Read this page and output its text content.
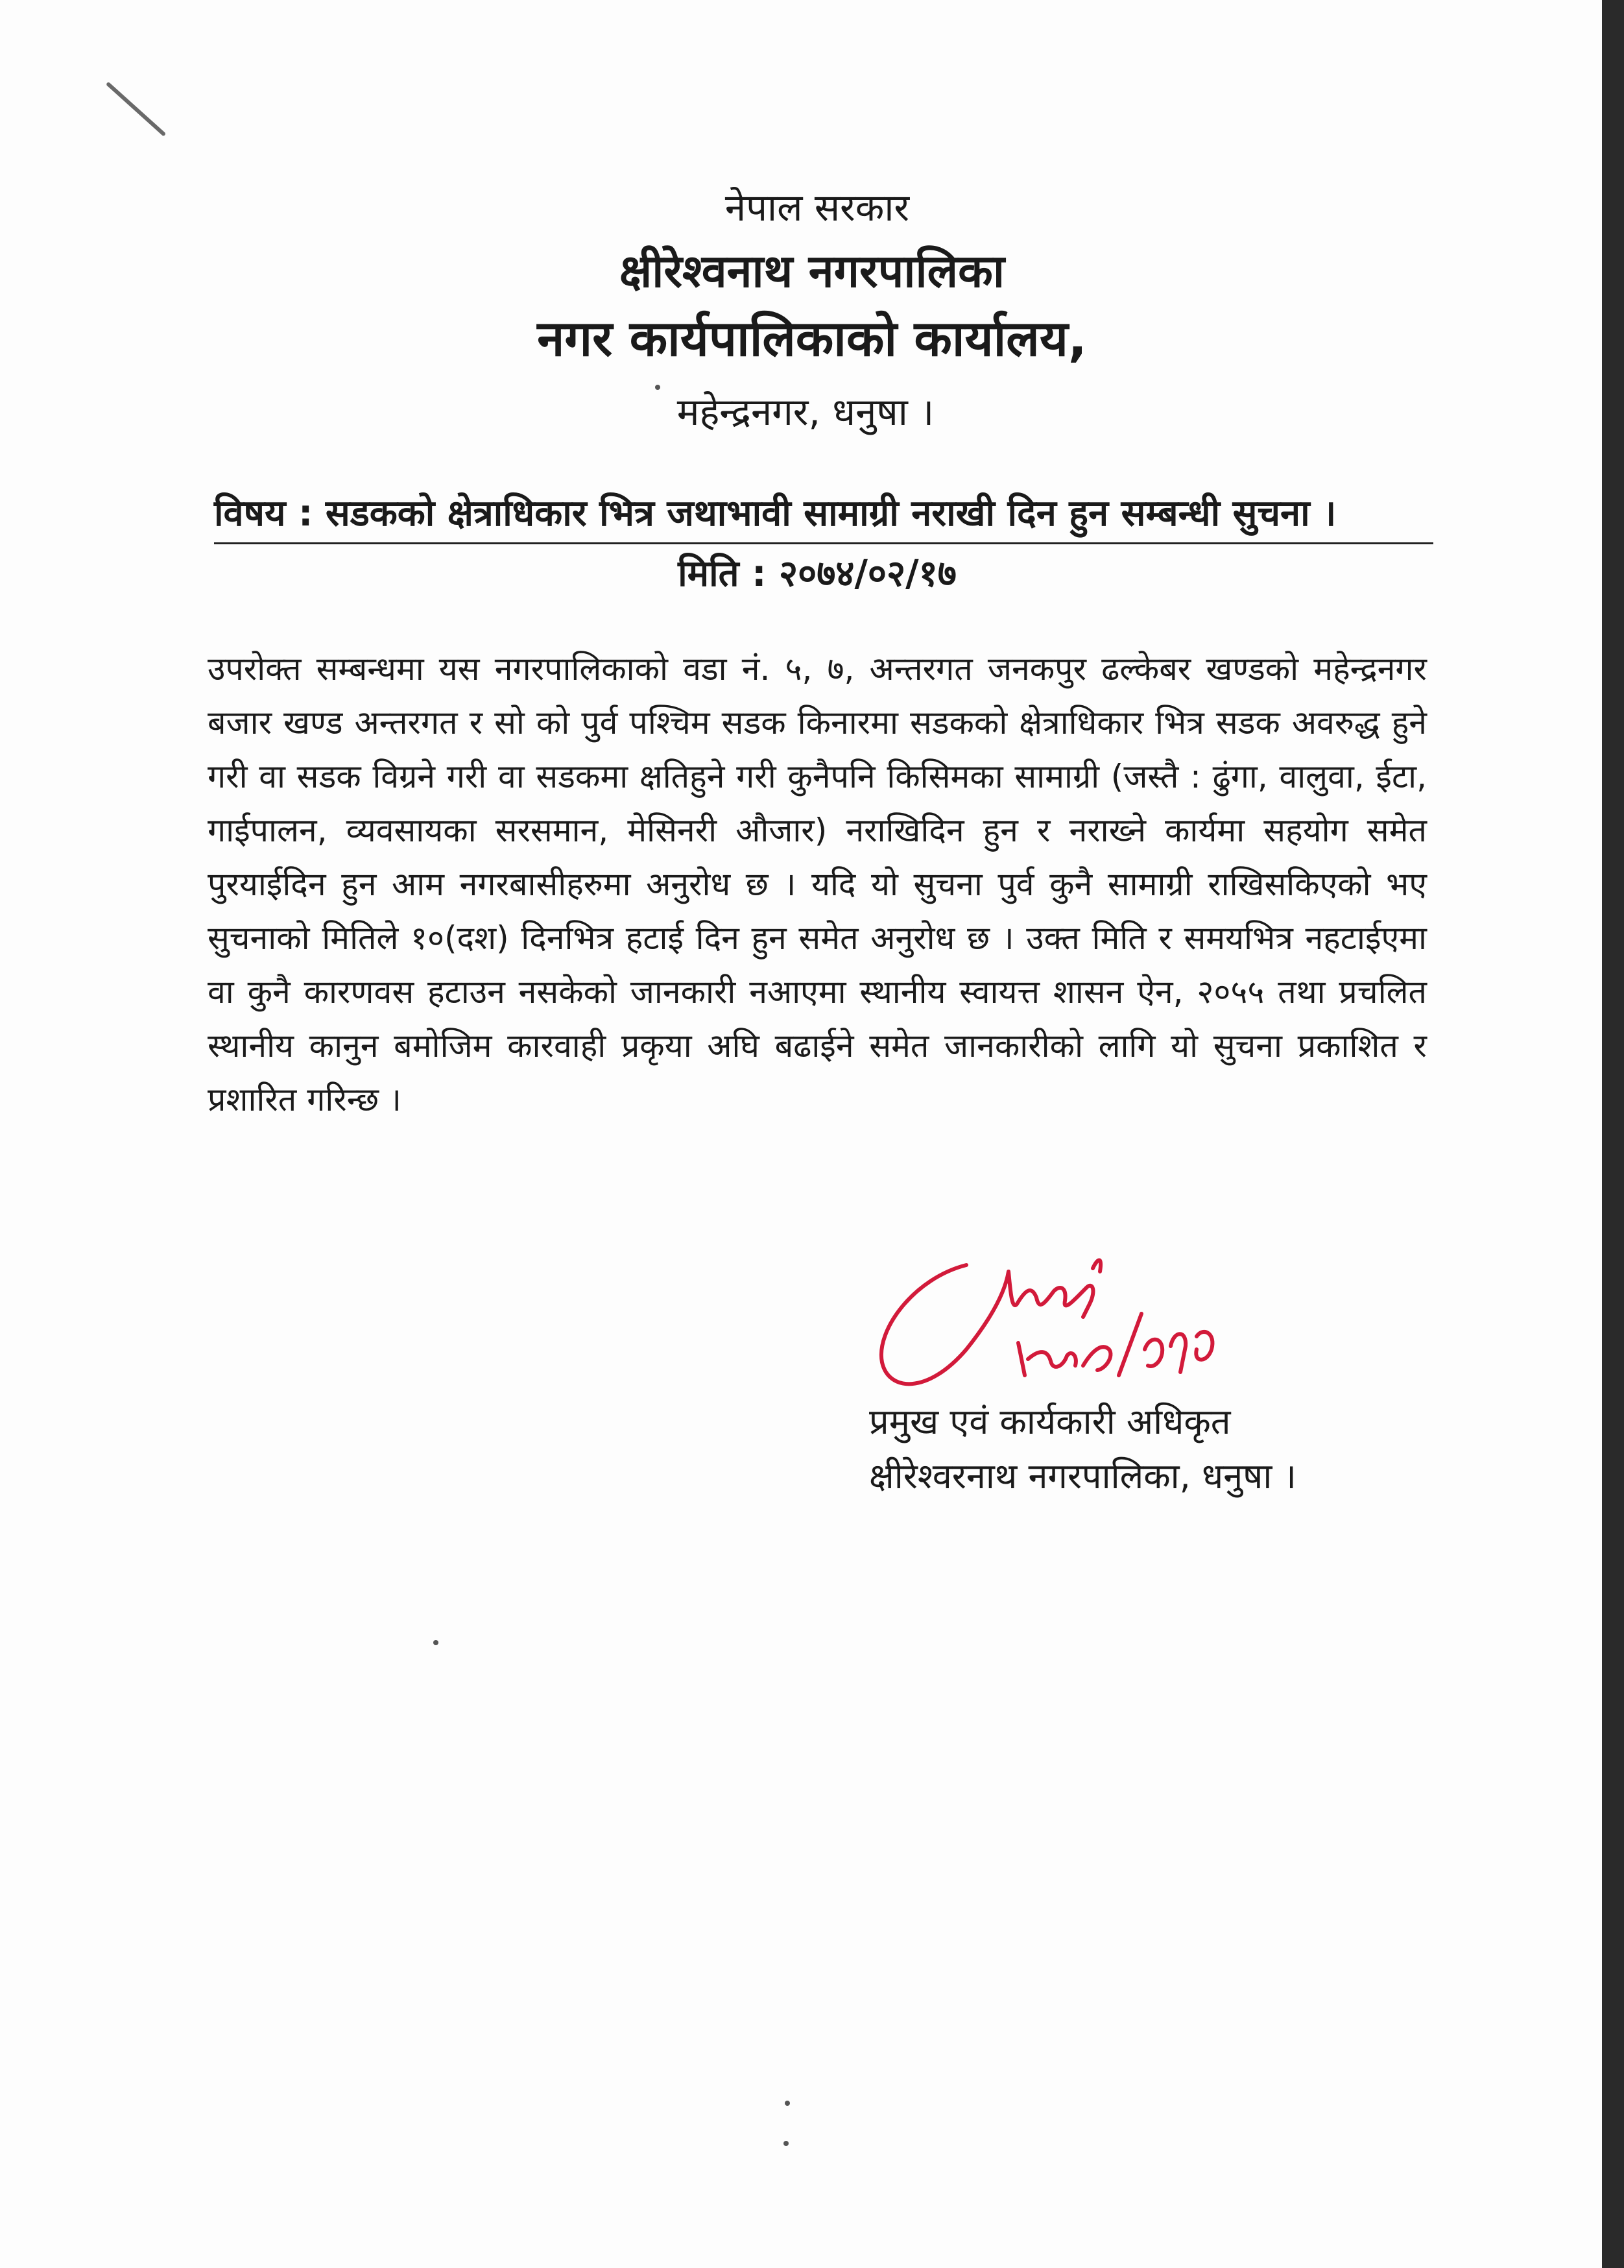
नेपाल सरकार
क्षीरेश्वनाथ नगरपालिका
नगर कार्यपालिकाको कार्यालय,
महेन्द्रनगर, धनुषा ।
विषय : सडकको क्षेत्राधिकार भित्र जथाभावी सामाग्री नराखी दिन हुन सम्बन्धी सुचना ।
मिति : २०७४/०२/१७
उपरोक्त सम्बन्धमा यस नगरपालिकाको वडा नं. ५, ७, अन्तरगत जनकपुर ढल्केबर खण्डको महेन्द्रनगर बजार खण्ड अन्तरगत र सो को पुर्व पश्चिम सडक किनारमा सडकको क्षेत्राधिकार भित्र सडक अवरुद्ध हुने गरी वा सडक विग्रने गरी वा सडकमा क्षतिहुने गरी कुनैपनि किसिमका सामाग्री (जस्तै : ढुंगा, वालुवा, ईटा, गाईपालन, व्यवसायका सरसमान, मेसिनरी औजार) नराखिदिन हुन र नराख्ने कार्यमा सहयोग समेत पुरयाईदिन हुन आम नगरबासीहरुमा अनुरोध छ । यदि यो सुचना पुर्व कुनै सामाग्री राखिसकिएको भए सुचनाको मितिले १०(दश) दिनभित्र हटाई दिन हुन समेत अनुरोध छ । उक्त मिति र समयभित्र नहटाईएमा वा कुनै कारणवस हटाउन नसकेको जानकारी नआएमा स्थानीय स्वायत्त शासन ऐन, २०५५ तथा प्रचलित स्थानीय कानुन बमोजिम कारवाही प्रकृया अघि बढाईने समेत जानकारीको लागि यो सुचना प्रकाशित र प्रशारित गरिन्छ ।
प्रमुख एवं कार्यकारी अधिकृत
क्षीरेश्वरनाथ नगरपालिका, धनुषा ।
